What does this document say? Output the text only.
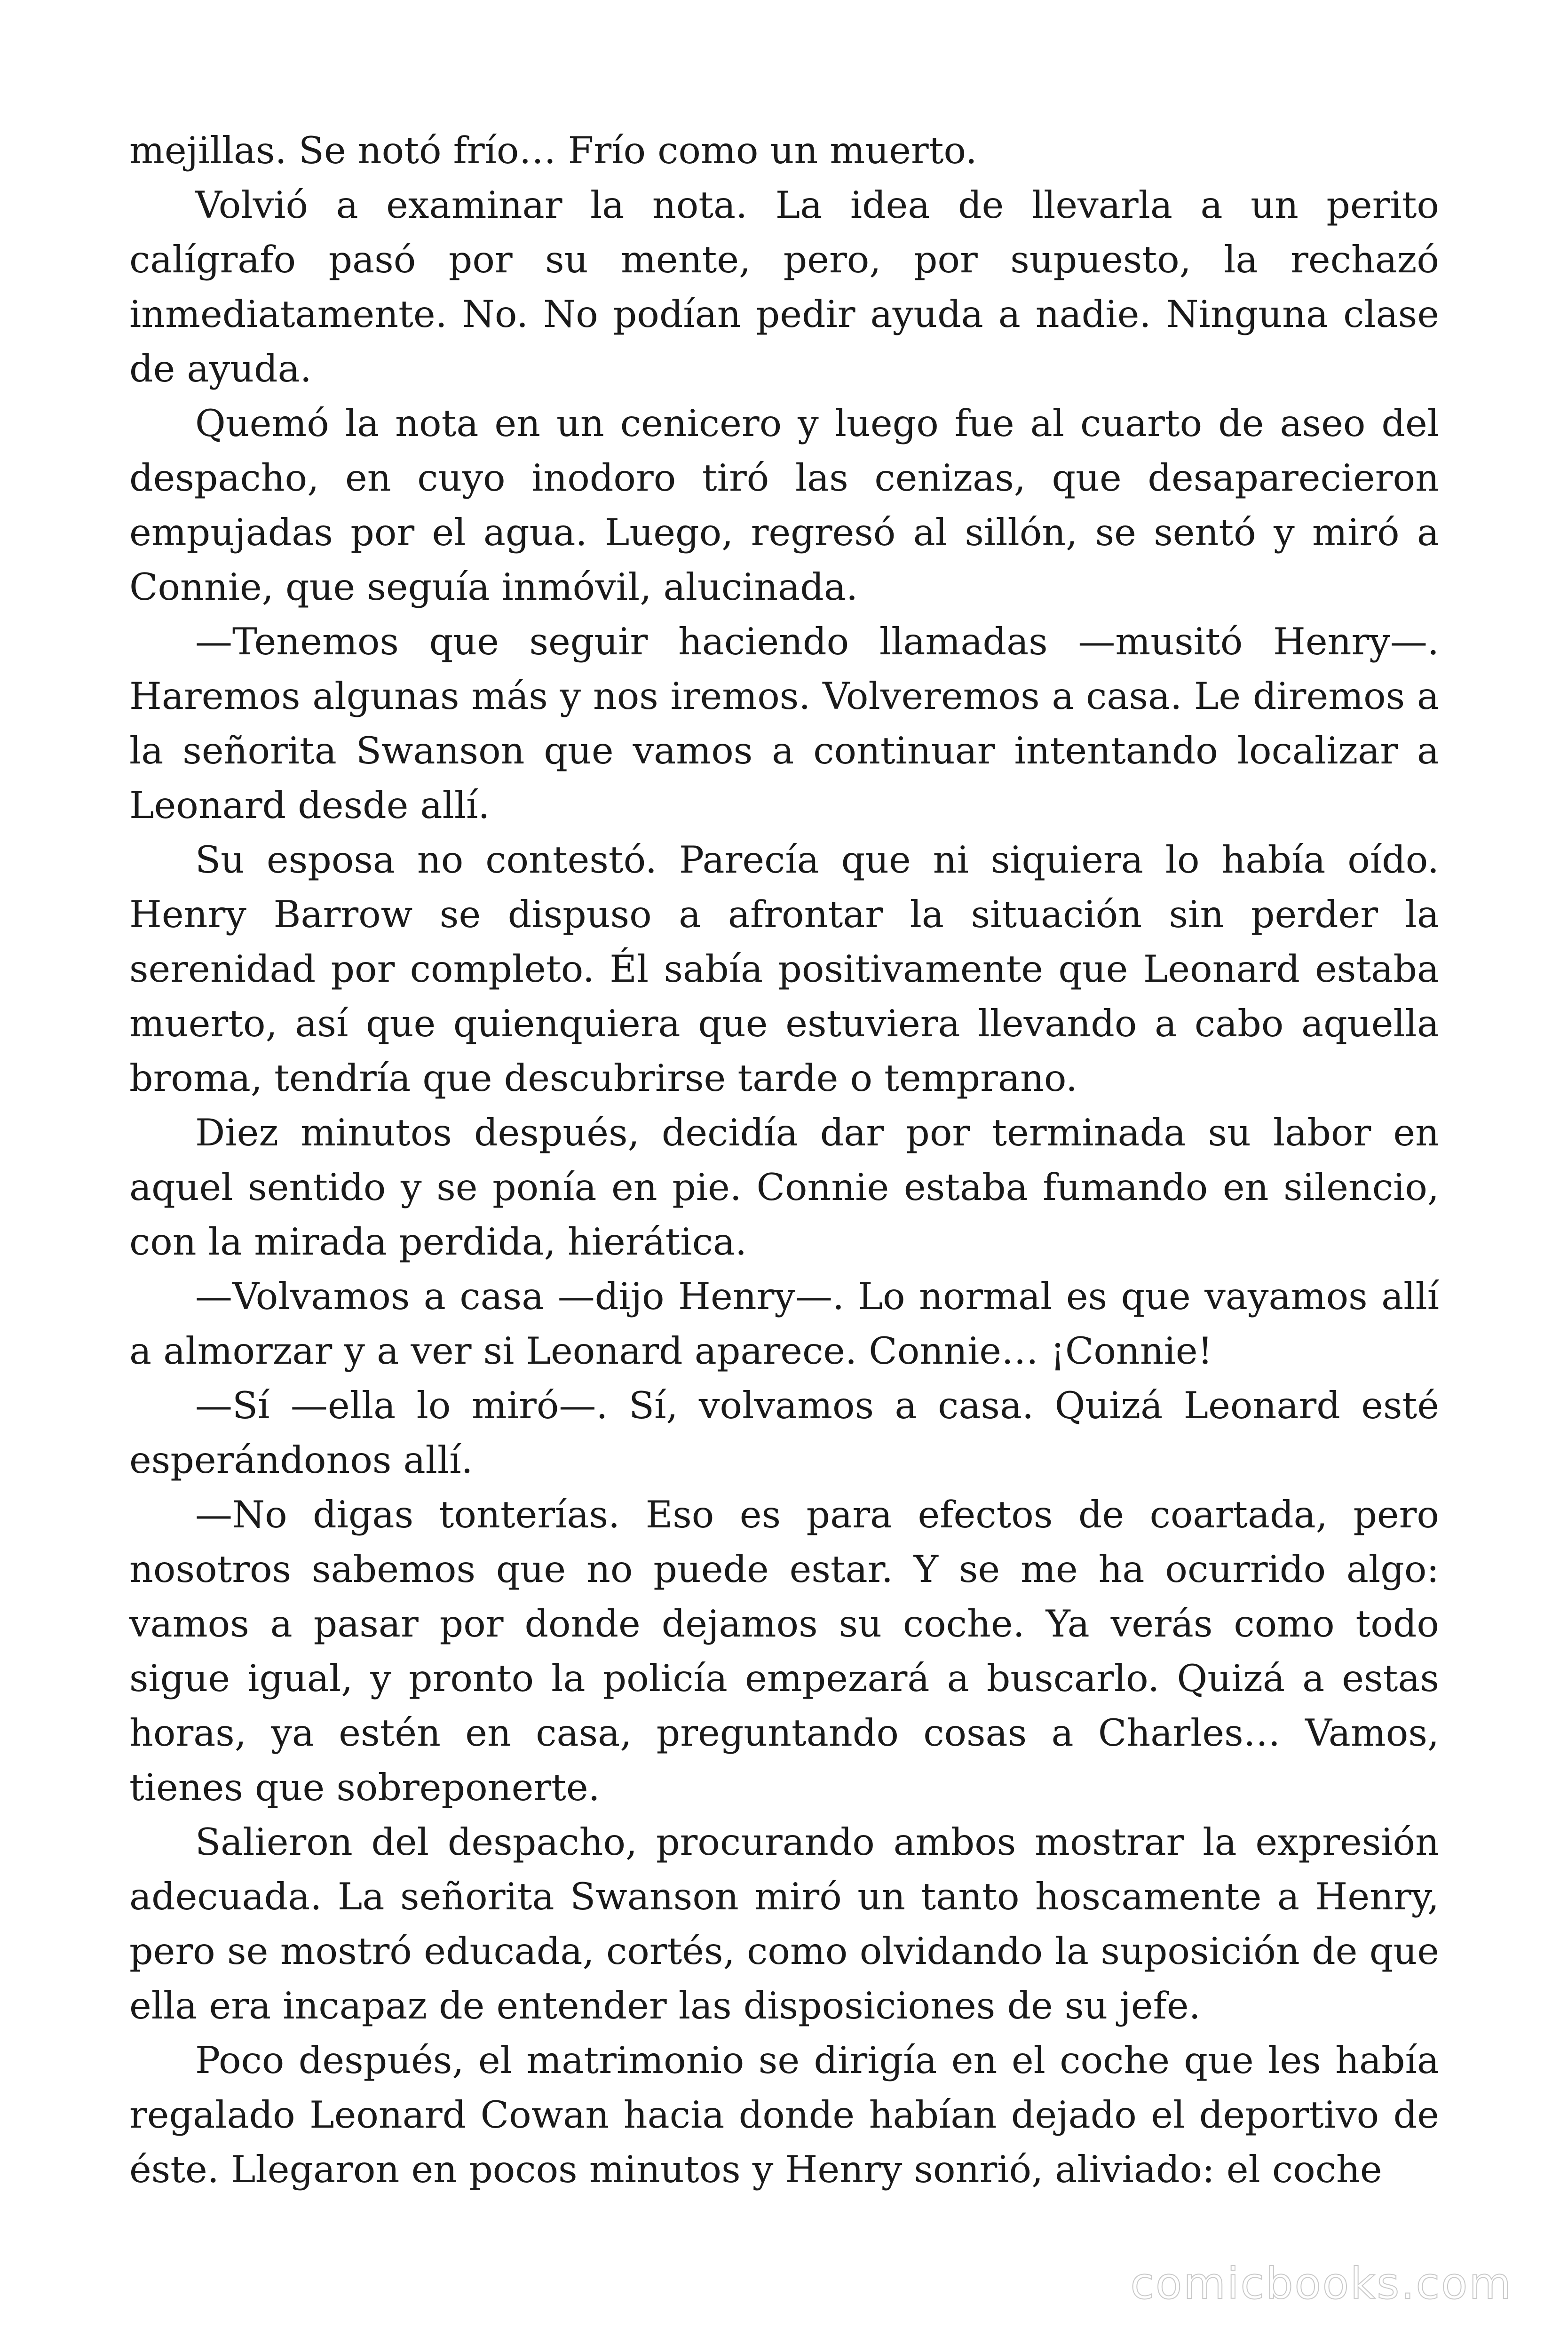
mejillas. Se notó frío… Frío como un muerto.

Volvió a examinar la nota. La idea de llevarla a un perito calígrafo pasó por su mente, pero, por supuesto, la rechazó inmediatamente. No. No podían pedir ayuda a nadie. Ninguna clase de ayuda.

Quemó la nota en un cenicero y luego fue al cuarto de aseo del despacho, en cuyo inodoro tiró las cenizas, que desaparecieron empujadas por el agua. Luego, regresó al sillón, se sentó y miró a Connie, que seguía inmóvil, alucinada.

—Tenemos que seguir haciendo llamadas —musitó Henry—. Haremos algunas más y nos iremos. Volveremos a casa. Le diremos a la señorita Swanson que vamos a continuar intentando localizar a Leonard desde allí.

Su esposa no contestó. Parecía que ni siquiera lo había oído. Henry Barrow se dispuso a afrontar la situación sin perder la serenidad por completo. Él sabía positivamente que Leonard estaba muerto, así que quienquiera que estuviera llevando a cabo aquella broma, tendría que descubrirse tarde o temprano.

Diez minutos después, decidía dar por terminada su labor en aquel sentido y se ponía en pie. Connie estaba fumando en silencio, con la mirada perdida, hierática.

—Volvamos a casa —dijo Henry—. Lo normal es que vayamos allí a almorzar y a ver si Leonard aparece. Connie… ¡Connie!

—Sí —ella lo miró—. Sí, volvamos a casa. Quizá Leonard esté esperándonos allí.

—No digas tonterías. Eso es para efectos de coartada, pero nosotros sabemos que no puede estar. Y se me ha ocurrido algo: vamos a pasar por donde dejamos su coche. Ya verás como todo sigue igual, y pronto la policía empezará a buscarlo. Quizá a estas horas, ya estén en casa, preguntando cosas a Charles… Vamos, tienes que sobreponerte.

Salieron del despacho, procurando ambos mostrar la expresión adecuada. La señorita Swanson miró un tanto hoscamente a Henry, pero se mostró educada, cortés, como olvidando la suposición de que ella era incapaz de entender las disposiciones de su jefe.

Poco después, el matrimonio se dirigía en el coche que les había regalado Leonard Cowan hacia donde habían dejado el deportivo de éste. Llegaron en pocos minutos y Henry sonrió, aliviado: el coche

comicbooks.com
